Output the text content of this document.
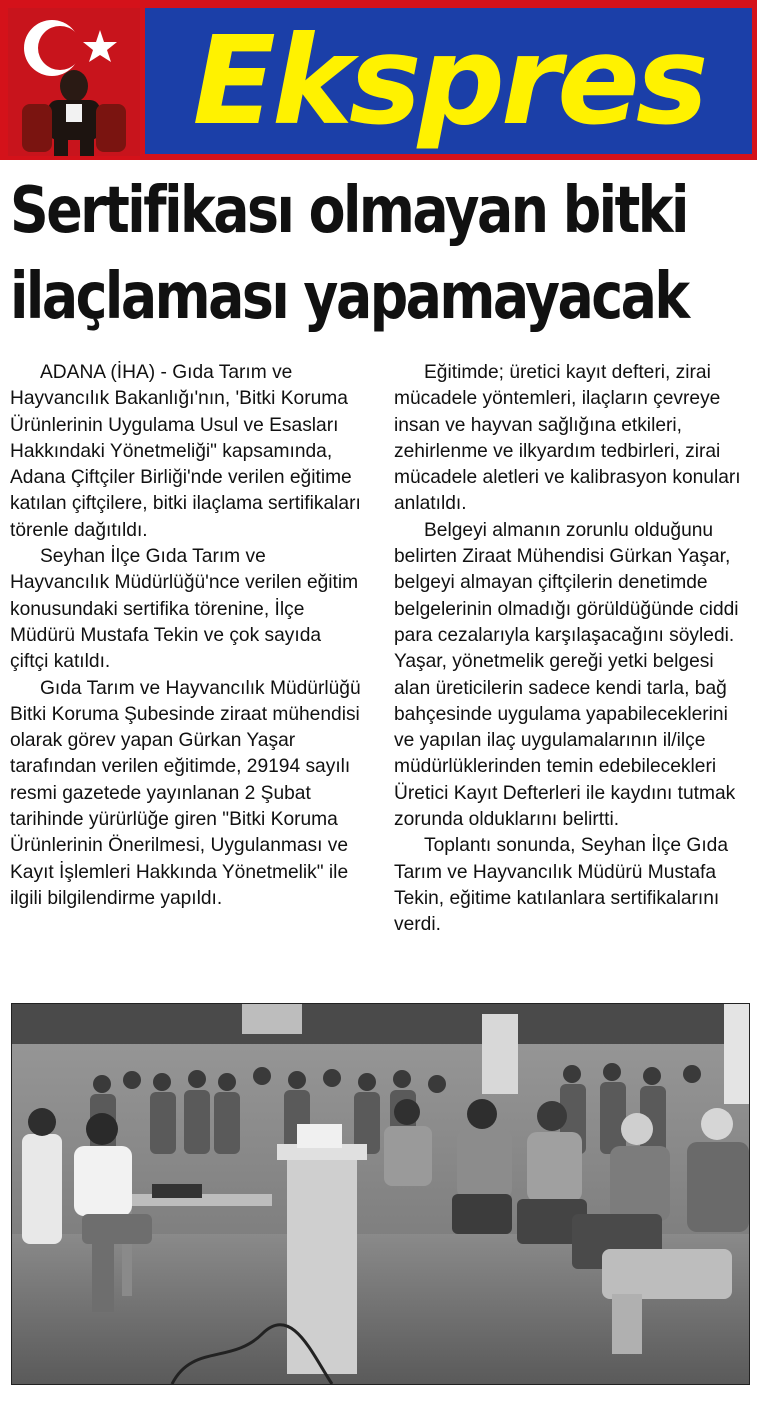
Ekspres
Sertifikası olmayan bitki
ilaçlaması yapamayacak

ADANA (İHA) - Gıda Tarım ve Hayvancılık Bakanlığı'nın, 'Bitki Koruma Ürünlerinin Uygulama Usul ve Esasları Hakkındaki Yönetmeliği" kapsamında, Adana Çiftçiler Birliği'nde verilen eğitime katılan çiftçilere, bitki ilaçlama sertifikaları törenle dağıtıldı.

Seyhan İlçe Gıda Tarım ve Hayvancılık Müdürlüğü'nce verilen eğitim konusundaki sertifika törenine, İlçe Müdürü Mustafa Tekin ve çok sayıda çiftçi katıldı.

Gıda Tarım ve Hayvancılık Müdürlüğü Bitki Koruma Şubesinde ziraat mühendisi olarak görev yapan Gürkan Yaşar tarafından verilen eğitimde, 29194 sayılı resmi gazetede yayınlanan 2 Şubat tarihinde yürürlüğe giren "Bitki Koruma Ürünlerinin Önerilmesi, Uygulanması ve Kayıt İşlemleri Hakkında Yönetmelik" ile ilgili bilgilendirme yapıldı.

Eğitimde; üretici kayıt defteri, zirai mücadele yöntemleri, ilaçların çevreye insan ve hayvan sağlığına etkileri, zehirlenme ve ilkyardım tedbirleri, zirai mücadele aletleri ve kalibrasyon konuları anlatıldı.

Belgeyi almanın zorunlu olduğunu belirten Ziraat Mühendisi Gürkan Yaşar, belgeyi almayan çiftçilerin denetimde belgelerinin olmadığı görüldüğünde ciddi para cezalarıyla karşılaşacağını söyledi. Yaşar, yönetmelik gereği yetki belgesi alan üreticilerin sadece kendi tarla, bağ bahçesinde uygulama yapabileceklerini ve yapılan ilaç uygulamalarının il/ilçe müdürlüklerinden temin edebilecekleri Üretici Kayıt Defterleri ile kaydını tutmak zorunda olduklarını belirtti.

Toplantı sonunda, Seyhan İlçe Gıda Tarım ve Hayvancılık Müdürü Mustafa Tekin, eğitime katılanlara sertifikalarını verdi.
